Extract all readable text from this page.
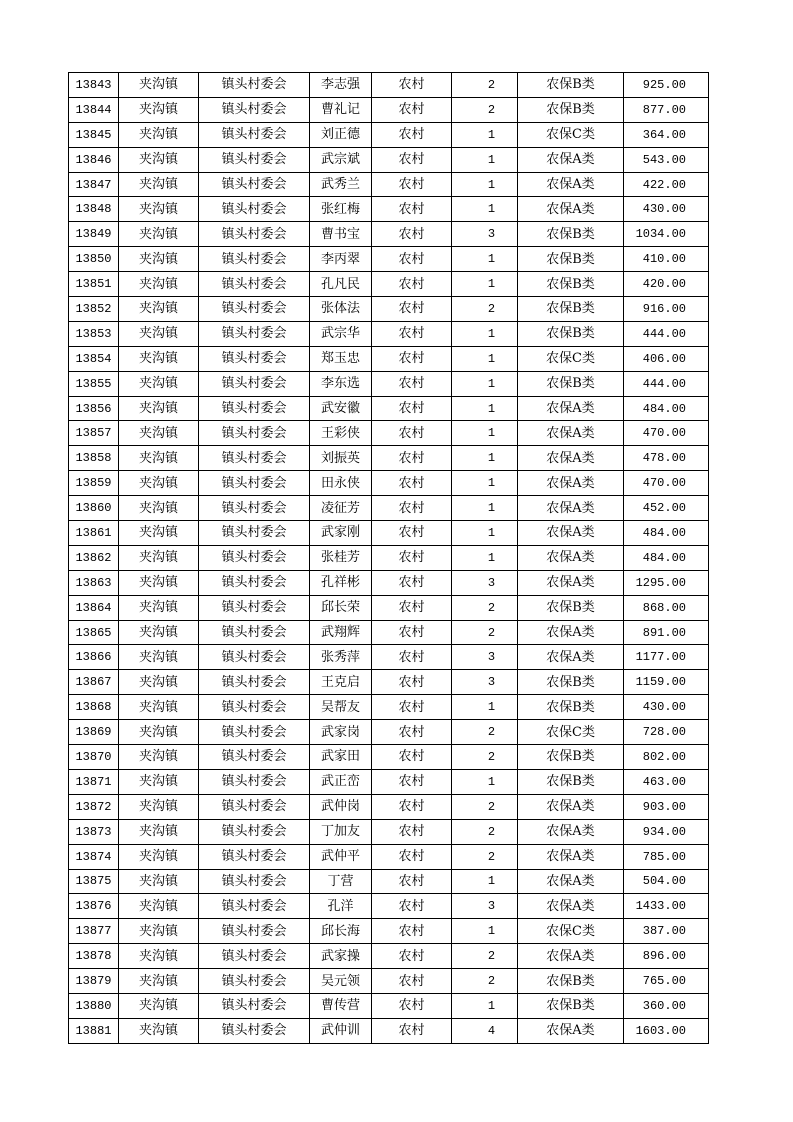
13843	夹沟镇	镇头村委会	李志强	农村	2	农保B类	925.00
13844	夹沟镇	镇头村委会	曹礼记	农村	2	农保B类	877.00
13845	夹沟镇	镇头村委会	刘正德	农村	1	农保C类	364.00
13846	夹沟镇	镇头村委会	武宗斌	农村	1	农保A类	543.00
13847	夹沟镇	镇头村委会	武秀兰	农村	1	农保A类	422.00
13848	夹沟镇	镇头村委会	张红梅	农村	1	农保A类	430.00
13849	夹沟镇	镇头村委会	曹书宝	农村	3	农保B类	1034.00
13850	夹沟镇	镇头村委会	李丙翠	农村	1	农保B类	410.00
13851	夹沟镇	镇头村委会	孔凡民	农村	1	农保B类	420.00
13852	夹沟镇	镇头村委会	张体法	农村	2	农保B类	916.00
13853	夹沟镇	镇头村委会	武宗华	农村	1	农保B类	444.00
13854	夹沟镇	镇头村委会	郑玉忠	农村	1	农保C类	406.00
13855	夹沟镇	镇头村委会	李东选	农村	1	农保B类	444.00
13856	夹沟镇	镇头村委会	武安徽	农村	1	农保A类	484.00
13857	夹沟镇	镇头村委会	王彩侠	农村	1	农保A类	470.00
13858	夹沟镇	镇头村委会	刘振英	农村	1	农保A类	478.00
13859	夹沟镇	镇头村委会	田永侠	农村	1	农保A类	470.00
13860	夹沟镇	镇头村委会	凌征芳	农村	1	农保A类	452.00
13861	夹沟镇	镇头村委会	武家刚	农村	1	农保A类	484.00
13862	夹沟镇	镇头村委会	张桂芳	农村	1	农保A类	484.00
13863	夹沟镇	镇头村委会	孔祥彬	农村	3	农保A类	1295.00
13864	夹沟镇	镇头村委会	邱长荣	农村	2	农保B类	868.00
13865	夹沟镇	镇头村委会	武翔辉	农村	2	农保A类	891.00
13866	夹沟镇	镇头村委会	张秀萍	农村	3	农保A类	1177.00
13867	夹沟镇	镇头村委会	王克启	农村	3	农保B类	1159.00
13868	夹沟镇	镇头村委会	吴帮友	农村	1	农保B类	430.00
13869	夹沟镇	镇头村委会	武家岗	农村	2	农保C类	728.00
13870	夹沟镇	镇头村委会	武家田	农村	2	农保B类	802.00
13871	夹沟镇	镇头村委会	武正峦	农村	1	农保B类	463.00
13872	夹沟镇	镇头村委会	武仲岗	农村	2	农保A类	903.00
13873	夹沟镇	镇头村委会	丁加友	农村	2	农保A类	934.00
13874	夹沟镇	镇头村委会	武仲平	农村	2	农保A类	785.00
13875	夹沟镇	镇头村委会	丁营	农村	1	农保A类	504.00
13876	夹沟镇	镇头村委会	孔洋	农村	3	农保A类	1433.00
13877	夹沟镇	镇头村委会	邱长海	农村	1	农保C类	387.00
13878	夹沟镇	镇头村委会	武家操	农村	2	农保A类	896.00
13879	夹沟镇	镇头村委会	吴元领	农村	2	农保B类	765.00
13880	夹沟镇	镇头村委会	曹传营	农村	1	农保B类	360.00
13881	夹沟镇	镇头村委会	武仲训	农村	4	农保A类	1603.00
